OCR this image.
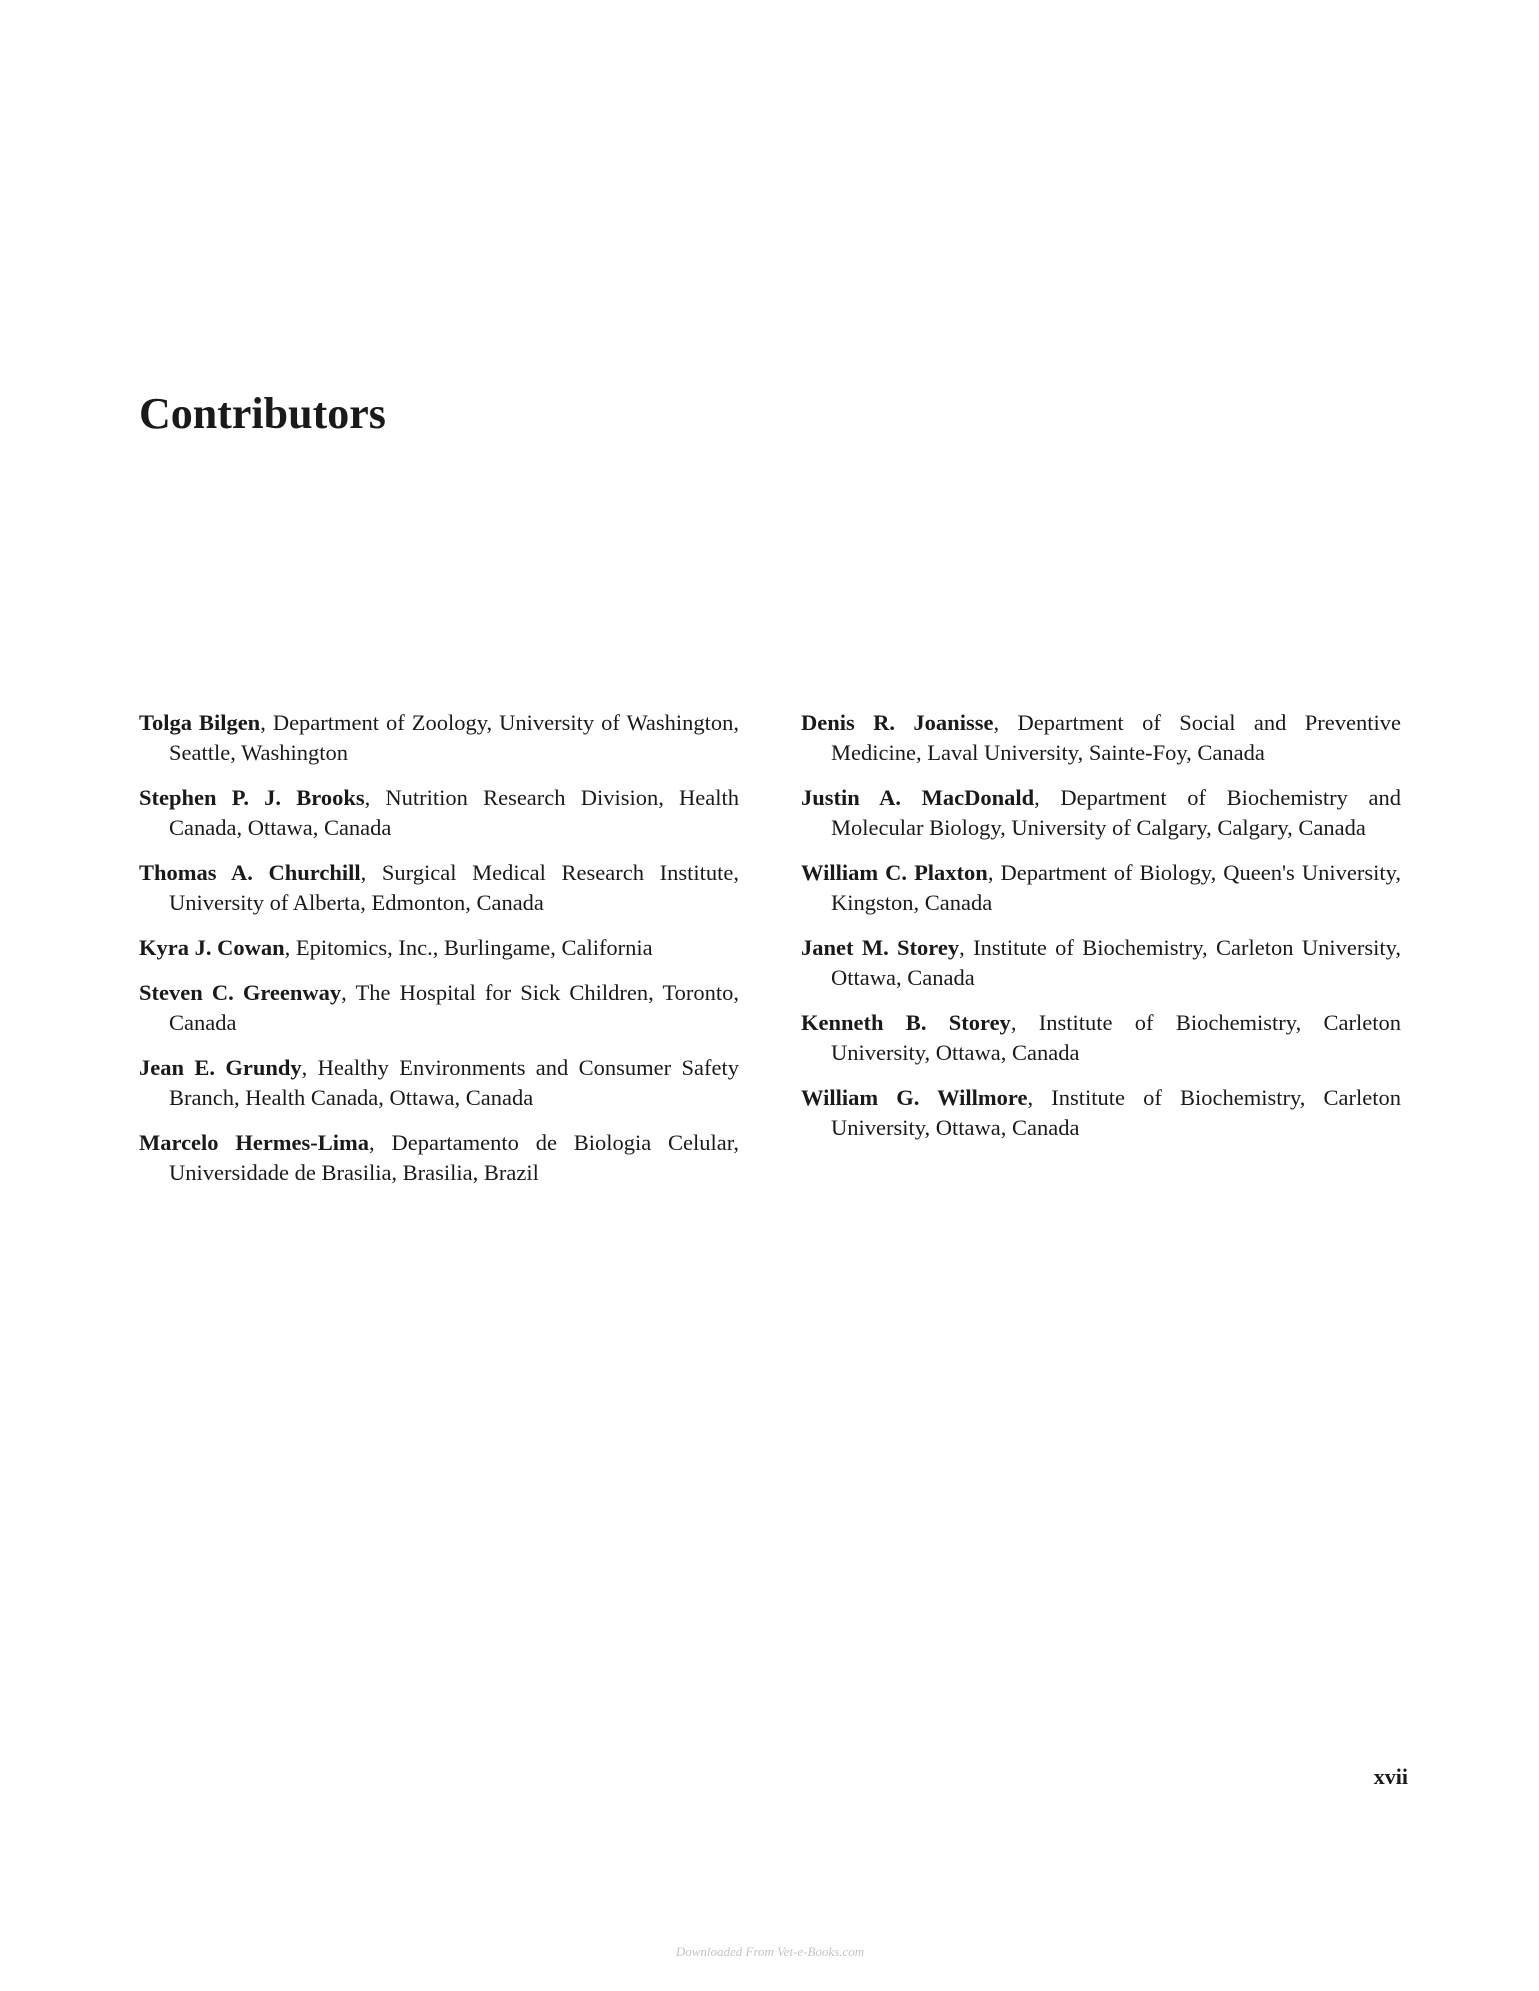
Contributors

Tolga Bilgen, Department of Zoology, University of Washington, Seattle, Washington

Stephen P. J. Brooks, Nutrition Research Division, Health Canada, Ottawa, Canada

Thomas A. Churchill, Surgical Medical Research Institute, University of Alberta, Edmonton, Canada

Kyra J. Cowan, Epitomics, Inc., Burlingame, California

Steven C. Greenway, The Hospital for Sick Children, Toronto, Canada

Jean E. Grundy, Healthy Environments and Consumer Safety Branch, Health Canada, Ottawa, Canada

Marcelo Hermes-Lima, Departamento de Biologia Celular, Universidade de Brasilia, Brasilia, Brazil

Denis R. Joanisse, Department of Social and Preventive Medicine, Laval University, Sainte-Foy, Canada

Justin A. MacDonald, Department of Biochemistry and Molecular Biology, University of Calgary, Calgary, Canada

William C. Plaxton, Department of Biology, Queen's University, Kingston, Canada

Janet M. Storey, Institute of Biochemistry, Carleton University, Ottawa, Canada

Kenneth B. Storey, Institute of Biochemistry, Carleton University, Ottawa, Canada

William G. Willmore, Institute of Biochemistry, Carleton University, Ottawa, Canada

xvii
Downloaded From Vet-e-Books.com
